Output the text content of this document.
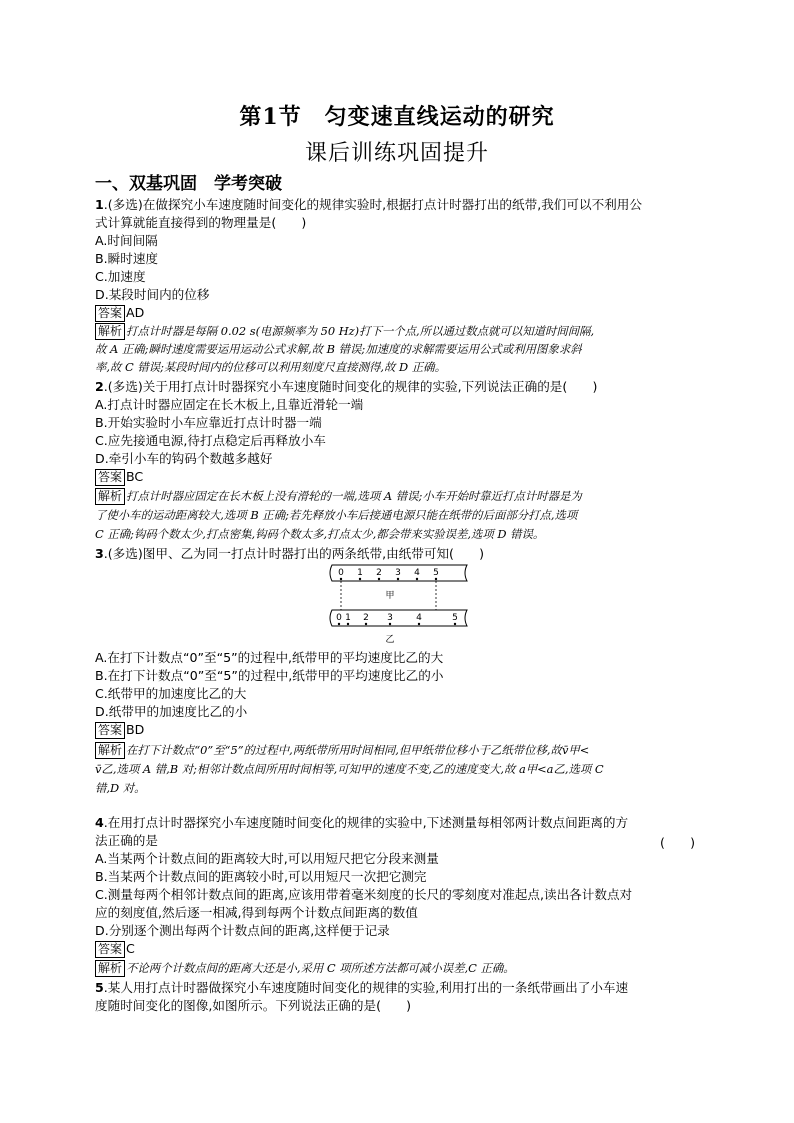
第1节　匀变速直线运动的研究
课后训练巩固提升
一、双基巩固　学考突破
1.(多选)在做探究小车速度随时间变化的规律实验时,根据打点计时器打出的纸带,我们可以不利用公
式计算就能直接得到的物理量是(　　)
A.时间间隔
B.瞬时速度
C.加速度
D.某段时间内的位移
答案 AD
解析 打点计时器是每隔 0.02 s(电源频率为 50 Hz)打下一个点,所以通过数点就可以知道时间间隔,
故 A 正确;瞬时速度需要运用运动公式求解,故 B 错误;加速度的求解需要运用公式或利用图象求斜
率,故 C 错误;某段时间内的位移可以利用刻度尺直接测得,故 D 正确。
2.(多选)关于用打点计时器探究小车速度随时间变化的规律的实验,下列说法正确的是(　　)
A.打点计时器应固定在长木板上,且靠近滑轮一端
B.开始实验时小车应靠近打点计时器一端
C.应先接通电源,待打点稳定后再释放小车
D.牵引小车的钩码个数越多越好
答案 BC
解析 打点计时器应固定在长木板上没有滑轮的一端,选项 A 错误;小车开始时靠近打点计时器是为
了使小车的运动距离较大,选项 B 正确;若先释放小车后接通电源只能在纸带的后面部分打点,选项
C 正确;钩码个数太少,打点密集,钩码个数太多,打点太少,都会带来实验误差,选项 D 错误。
3.(多选)图甲、乙为同一打点计时器打出的两条纸带,由纸带可知(　　)
0 1 2 3 4 5
甲
0 1 2 3	4	5
乙
A.在打下计数点“0”至“5”的过程中,纸带甲的平均速度比乙的大
B.在打下计数点“0”至“5”的过程中,纸带甲的平均速度比乙的小
C.纸带甲的加速度比乙的大
D.纸带甲的加速度比乙的小
答案 BD
解析 在打下计数点“0”至“5”的过程中,两纸带所用时间相同,但甲纸带位移小于乙纸带位移,故v̄甲<
v̄乙,选项 A 错,B 对;相邻计数点间所用时间相等,可知甲的速度不变,乙的速度变大,故 a甲<a乙,选项 C
错,D 对。
4.在用打点计时器探究小车速度随时间变化的规律的实验中,下述测量每相邻两计数点间距离的方
法正确的是	(　　)
A.当某两个计数点间的距离较大时,可以用短尺把它分段来测量
B.当某两个计数点间的距离较小时,可以用短尺一次把它测完
C.测量每两个相邻计数点间的距离,应该用带着毫米刻度的长尺的零刻度对准起点,读出各计数点对
应的刻度值,然后逐一相减,得到每两个计数点间距离的数值
D.分别逐个测出每两个计数点间的距离,这样便于记录
答案 C
解析 不论两个计数点间的距离大还是小,采用 C 项所述方法都可减小误差,C 正确。
5.某人用打点计时器做探究小车速度随时间变化的规律的实验,利用打出的一条纸带画出了小车速
度随时间变化的图像,如图所示。下列说法正确的是(　　)
